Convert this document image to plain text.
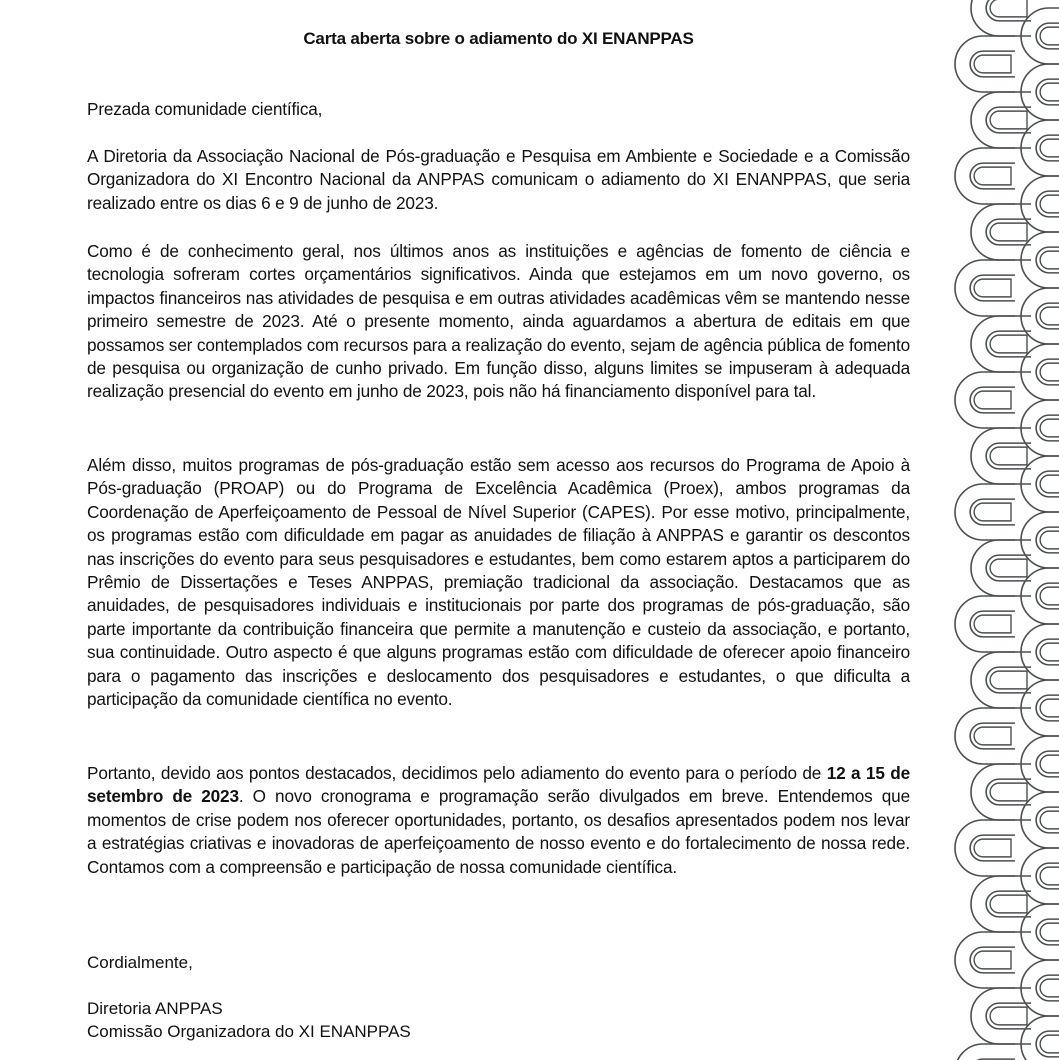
Carta aberta sobre o adiamento do XI ENANPPAS

Prezada comunidade científica,

A Diretoria da Associação Nacional de Pós-graduação e Pesquisa em Ambiente e Sociedade e a Comissão Organizadora do XI Encontro Nacional da ANPPAS comunicam o adiamento do XI ENANPPAS, que seria realizado entre os dias 6 e 9 de junho de 2023.

Como é de conhecimento geral, nos últimos anos as instituições e agências de fomento de ciência e tecnologia sofreram cortes orçamentários significativos. Ainda que estejamos em um novo governo, os impactos financeiros nas atividades de pesquisa e em outras atividades acadêmicas vêm se mantendo nesse primeiro semestre de 2023. Até o presente momento, ainda aguardamos a abertura de editais em que possamos ser contemplados com recursos para a realização do evento, sejam de agência pública de fomento de pesquisa ou organização de cunho privado. Em função disso, alguns limites se impuseram à adequada realização presencial do evento em junho de 2023, pois não há financiamento disponível para tal.

Além disso, muitos programas de pós-graduação estão sem acesso aos recursos do Programa de Apoio à Pós-graduação (PROAP) ou do Programa de Excelência Acadêmica (Proex), ambos programas da Coordenação de Aperfeiçoamento de Pessoal de Nível Superior (CAPES). Por esse motivo, principalmente, os programas estão com dificuldade em pagar as anuidades de filiação à ANPPAS e garantir os descontos nas inscrições do evento para seus pesquisadores e estudantes, bem como estarem aptos a participarem do Prêmio de Dissertações e Teses ANPPAS, premiação tradicional da associação. Destacamos que as anuidades, de pesquisadores individuais e institucionais por parte dos programas de pós-graduação, são parte importante da contribuição financeira que permite a manutenção e custeio da associação, e portanto, sua continuidade. Outro aspecto é que alguns programas estão com dificuldade de oferecer apoio financeiro para o pagamento das inscrições e deslocamento dos pesquisadores e estudantes, o que dificulta a participação da comunidade científica no evento.

Portanto, devido aos pontos destacados, decidimos pelo adiamento do evento para o período de 12 a 15 de setembro de 2023. O novo cronograma e programação serão divulgados em breve. Entendemos que momentos de crise podem nos oferecer oportunidades, portanto, os desafios apresentados podem nos levar a estratégias criativas e inovadoras de aperfeiçoamento de nosso evento e do fortalecimento de nossa rede. Contamos com a compreensão e participação de nossa comunidade científica.

Cordialmente,
Diretoria ANPPAS
Comissão Organizadora do XI ENANPPAS
